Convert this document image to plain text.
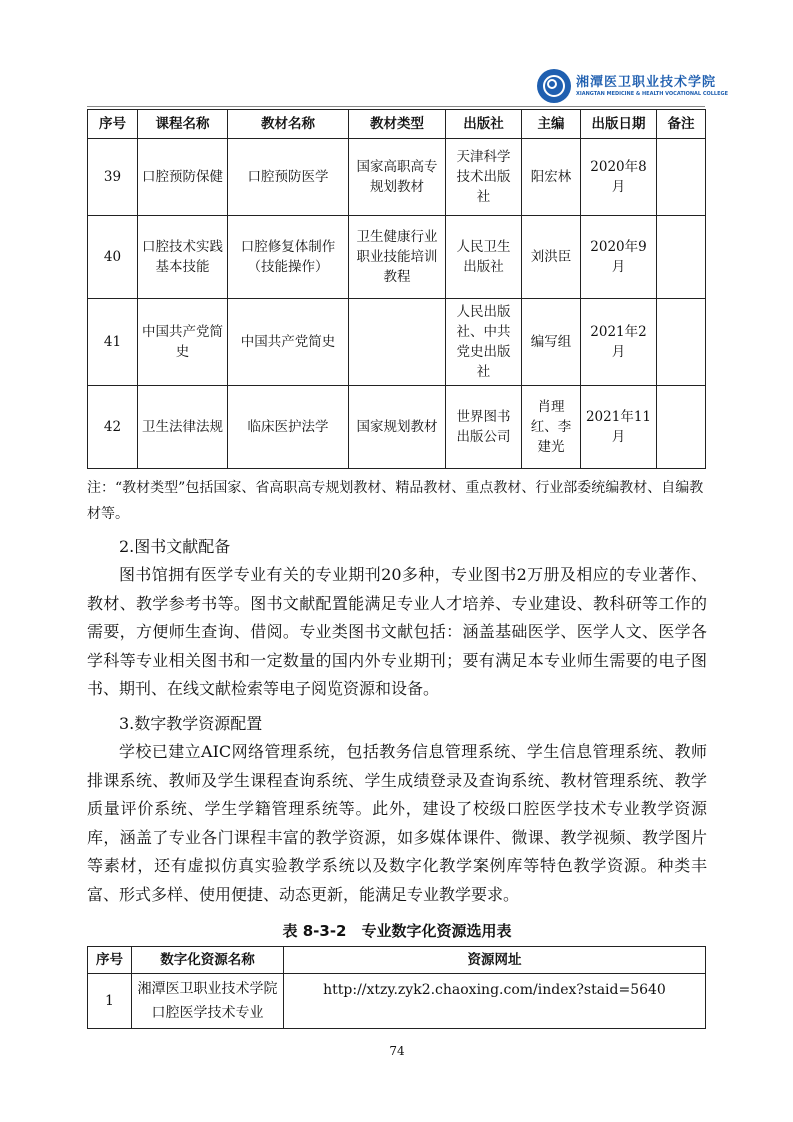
湘潭医卫职业技术学院
XIANGTAN MEDICINE & HEALTH VOCATIONAL COLLEGE
序号	课程名称	教材名称	教材类型	出版社	主编	出版日期	备注
39	口腔预防保健	口腔预防医学	国家高职高专规划教材	天津科学技术出版社	阳宏林	2020年8月	
40	口腔技术实践基本技能	口腔修复体制作（技能操作）	卫生健康行业职业技能培训教程	人民卫生出版社	刘洪臣	2020年9月	
41	中国共产党简史	中国共产党简史		人民出版社、中共党史出版社	编写组	2021年2月	
42	卫生法律法规	临床医护法学	国家规划教材	世界图书出版公司	肖理红、李建光	2021年11月	
注：“教材类型”包括国家、省高职高专规划教材、精品教材、重点教材、行业部委统编教材、自编教材等。
2.图书文献配备
图书馆拥有医学专业有关的专业期刊20多种，专业图书2万册及相应的专业著作、教材、教学参考书等。图书文献配置能满足专业人才培养、专业建设、教科研等工作的需要，方便师生查询、借阅。专业类图书文献包括：涵盖基础医学、医学人文、医学各学科等专业相关图书和一定数量的国内外专业期刊；要有满足本专业师生需要的电子图书、期刊、在线文献检索等电子阅览资源和设备。
3.数字教学资源配置
学校已建立AIC网络管理系统，包括教务信息管理系统、学生信息管理系统、教师排课系统、教师及学生课程查询系统、学生成绩登录及查询系统、教材管理系统、教学质量评价系统、学生学籍管理系统等。此外，建设了校级口腔医学技术专业教学资源库，涵盖了专业各门课程丰富的教学资源，如多媒体课件、微课、教学视频、教学图片等素材，还有虚拟仿真实验教学系统以及数字化教学案例库等特色教学资源。种类丰富、形式多样、使用便捷、动态更新，能满足专业教学要求。
表 8-3-2　专业数字化资源选用表
序号	数字化资源名称	资源网址
1	湘潭医卫职业技术学院口腔医学技术专业	http://xtzy.zyk2.chaoxing.com/index?staid=5640
74
